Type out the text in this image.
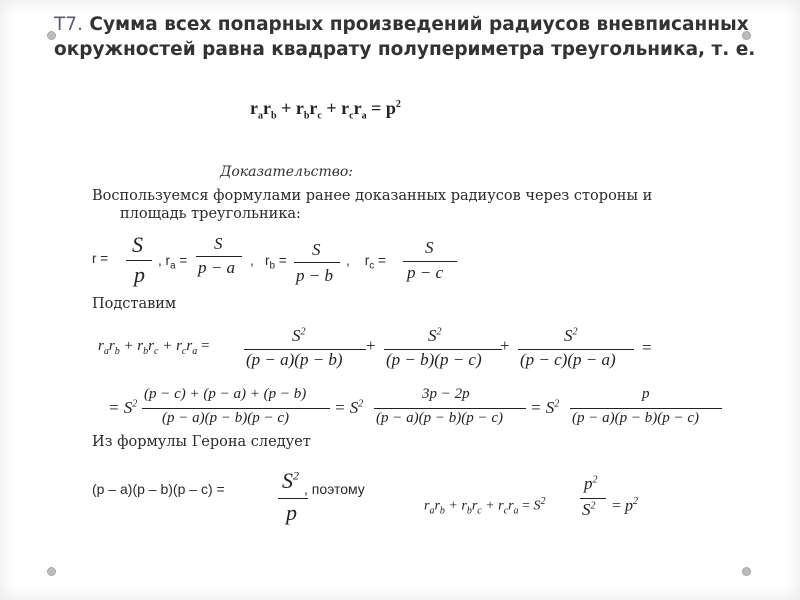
Т7. Сумма всех попарных произведений радиусов вневписанных окружностей равна квадрату полупериметра треугольника, т. е.
$r_ar_b + r_br_c + r_cr_a = p^2$
Доказательство:
Воспользуемся формулами ранее доказанных радиусов через стороны и
площадь треугольника:
r =
S
p
, $r_a$ =
S
p − a ,   $r_b$ =
S
p − b
,    $r_c$ =
S
p − c
Подставим
$r_ar_b + r_br_c + r_cr_a$ =
$S^2$
(p − a)(p − b)
+
$S^2$
(p − b)(p − c)
+
$S^2$
(p − c)(p − a)
=
= $S^2$
(p − c) + (p − a) + (p − b)
(p − a)(p − b)(p − c)
= $S^2$
3p − 2p
(p − a)(p − b)(p − c)
= $S^2$
p
(p − a)(p − b)(p − c)
Из формулы Герона следует
(p – a)(p – b)(p – c) =	$S^2$
p
, поэтому
$r_ar_b + r_br_c + r_cr_a = S^2$
$p^2$
$S^2 = p^2$
